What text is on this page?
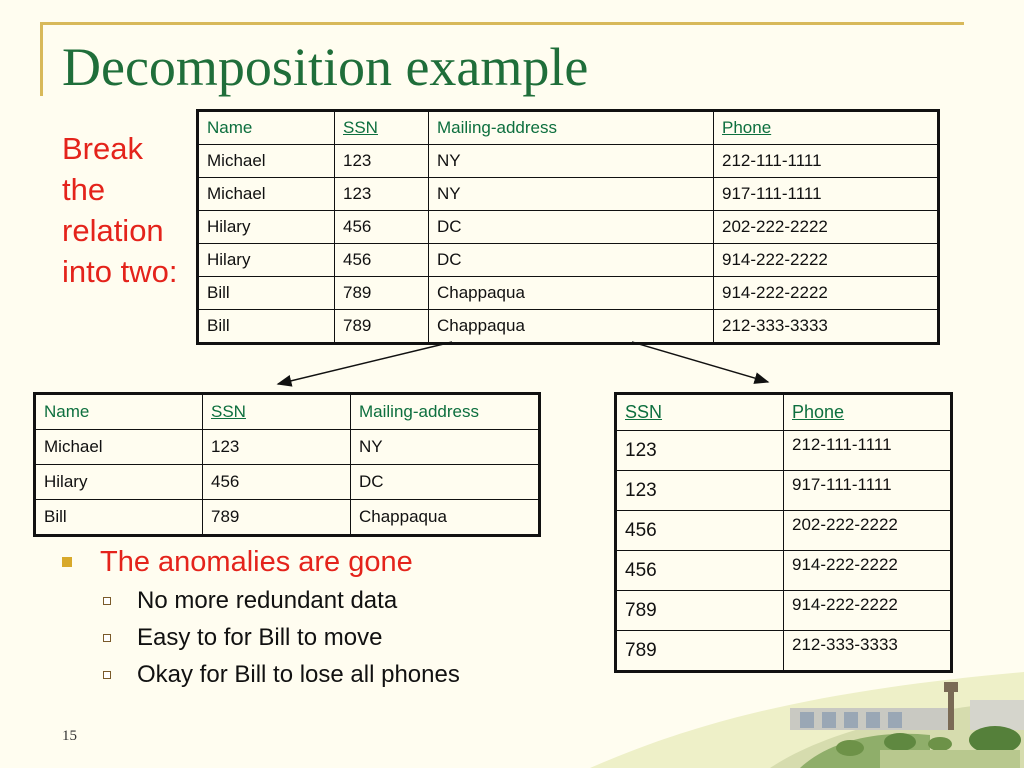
Decomposition example
Break the relation into two:
Name	SSN	Mailing-address	Phone
Michael	123	NY	212-111-1111
Michael	123	NY	917-111-1111
Hilary	456	DC	202-222-2222
Hilary	456	DC	914-222-2222
Bill	789	Chappaqua	914-222-2222
Bill	789	Chappaqua	212-333-3333
Name	SSN	Mailing-address
Michael	123	NY
Hilary	456	DC
Bill	789	Chappaqua
SSN	Phone
123	212-111-1111
123	917-111-1111
456	202-222-2222
456	914-222-2222
789	914-222-2222
789	212-333-3333
The anomalies are gone
No more redundant data
Easy to for Bill to move
Okay for Bill to lose all phones
15
